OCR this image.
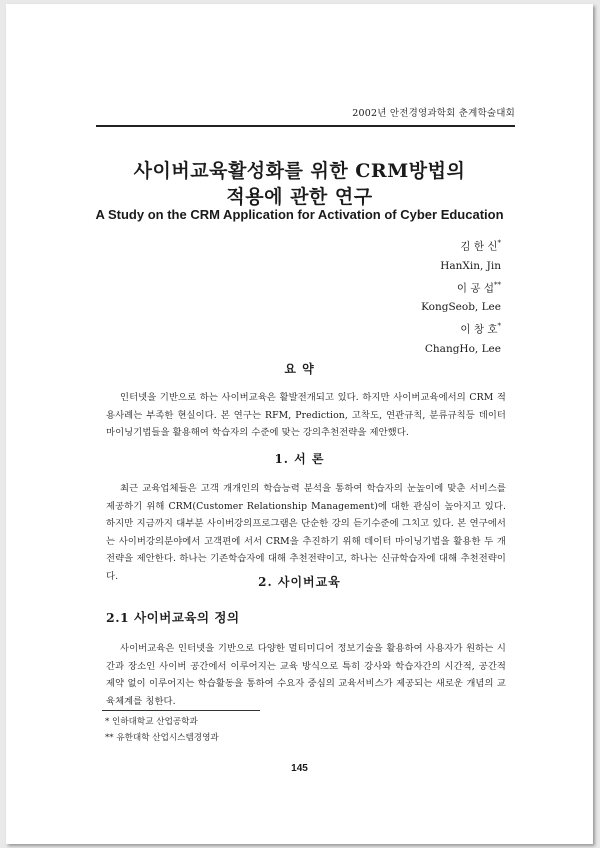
2002년 안전경영과학회 춘계학술대회
사이버교육활성화를 위한 CRM방법의
적용에 관한 연구
A Study on the CRM Application for Activation of Cyber Education
김 한 신*
HanXin, Jin
이 공 섭**
KongSeob, Lee
이 창 호*
ChangHo, Lee
요 약
인터넷을 기반으로 하는 사이버교육은 활발전개되고 있다. 하지만 사이버교육에서의 CRM 적용사례는 부족한 현실이다. 본 연구는 RFM, Prediction, 고착도, 연관규칙, 분류규칙등 데이터마이닝기법들을 활용해여 학습자의 수준에 맞는 강의추천전략을 제안했다.
1. 서 론
최근 교육업체들은 고객 개개인의 학습능력 분석을 통하여 학습자의 눈높이에 맞춘 서비스를 제공하기 위해 CRM(Customer Relationship Management)에 대한 관심이 높아지고 있다. 하지만 지금까지 대부분 사이버강의프로그램은 단순한 강의 듣기수준에 그치고 있다. 본 연구에서는 사이버강의분야에서 고객편에 서서 CRM을 추진하기 위해 데이터 마이닝기법을 활용한 두 개 전략을 제안한다. 하나는 기존학습자에 대해 추천전략이고, 하나는 신규학습자에 대해 추천전략이다.	2. 사이버교육
2.1 사이버교육의 정의
사이버교육은 인터넷을 기반으로 다양한 멀티미디어 정보기술을 활용하여 사용자가 원하는 시간과 장소인 사이버 공간에서 이루어지는 교육 방식으로 특히 강사와 학습자간의 시간적, 공간적 제약 없이 이루어지는 학습활동을 통하여 수요자 중심의 교육서비스가 제공되는 새로운 개념의 교육체계를 칭한다.
* 인하대학교 산업공학과
** 유한대학 산업시스템경영과
145
